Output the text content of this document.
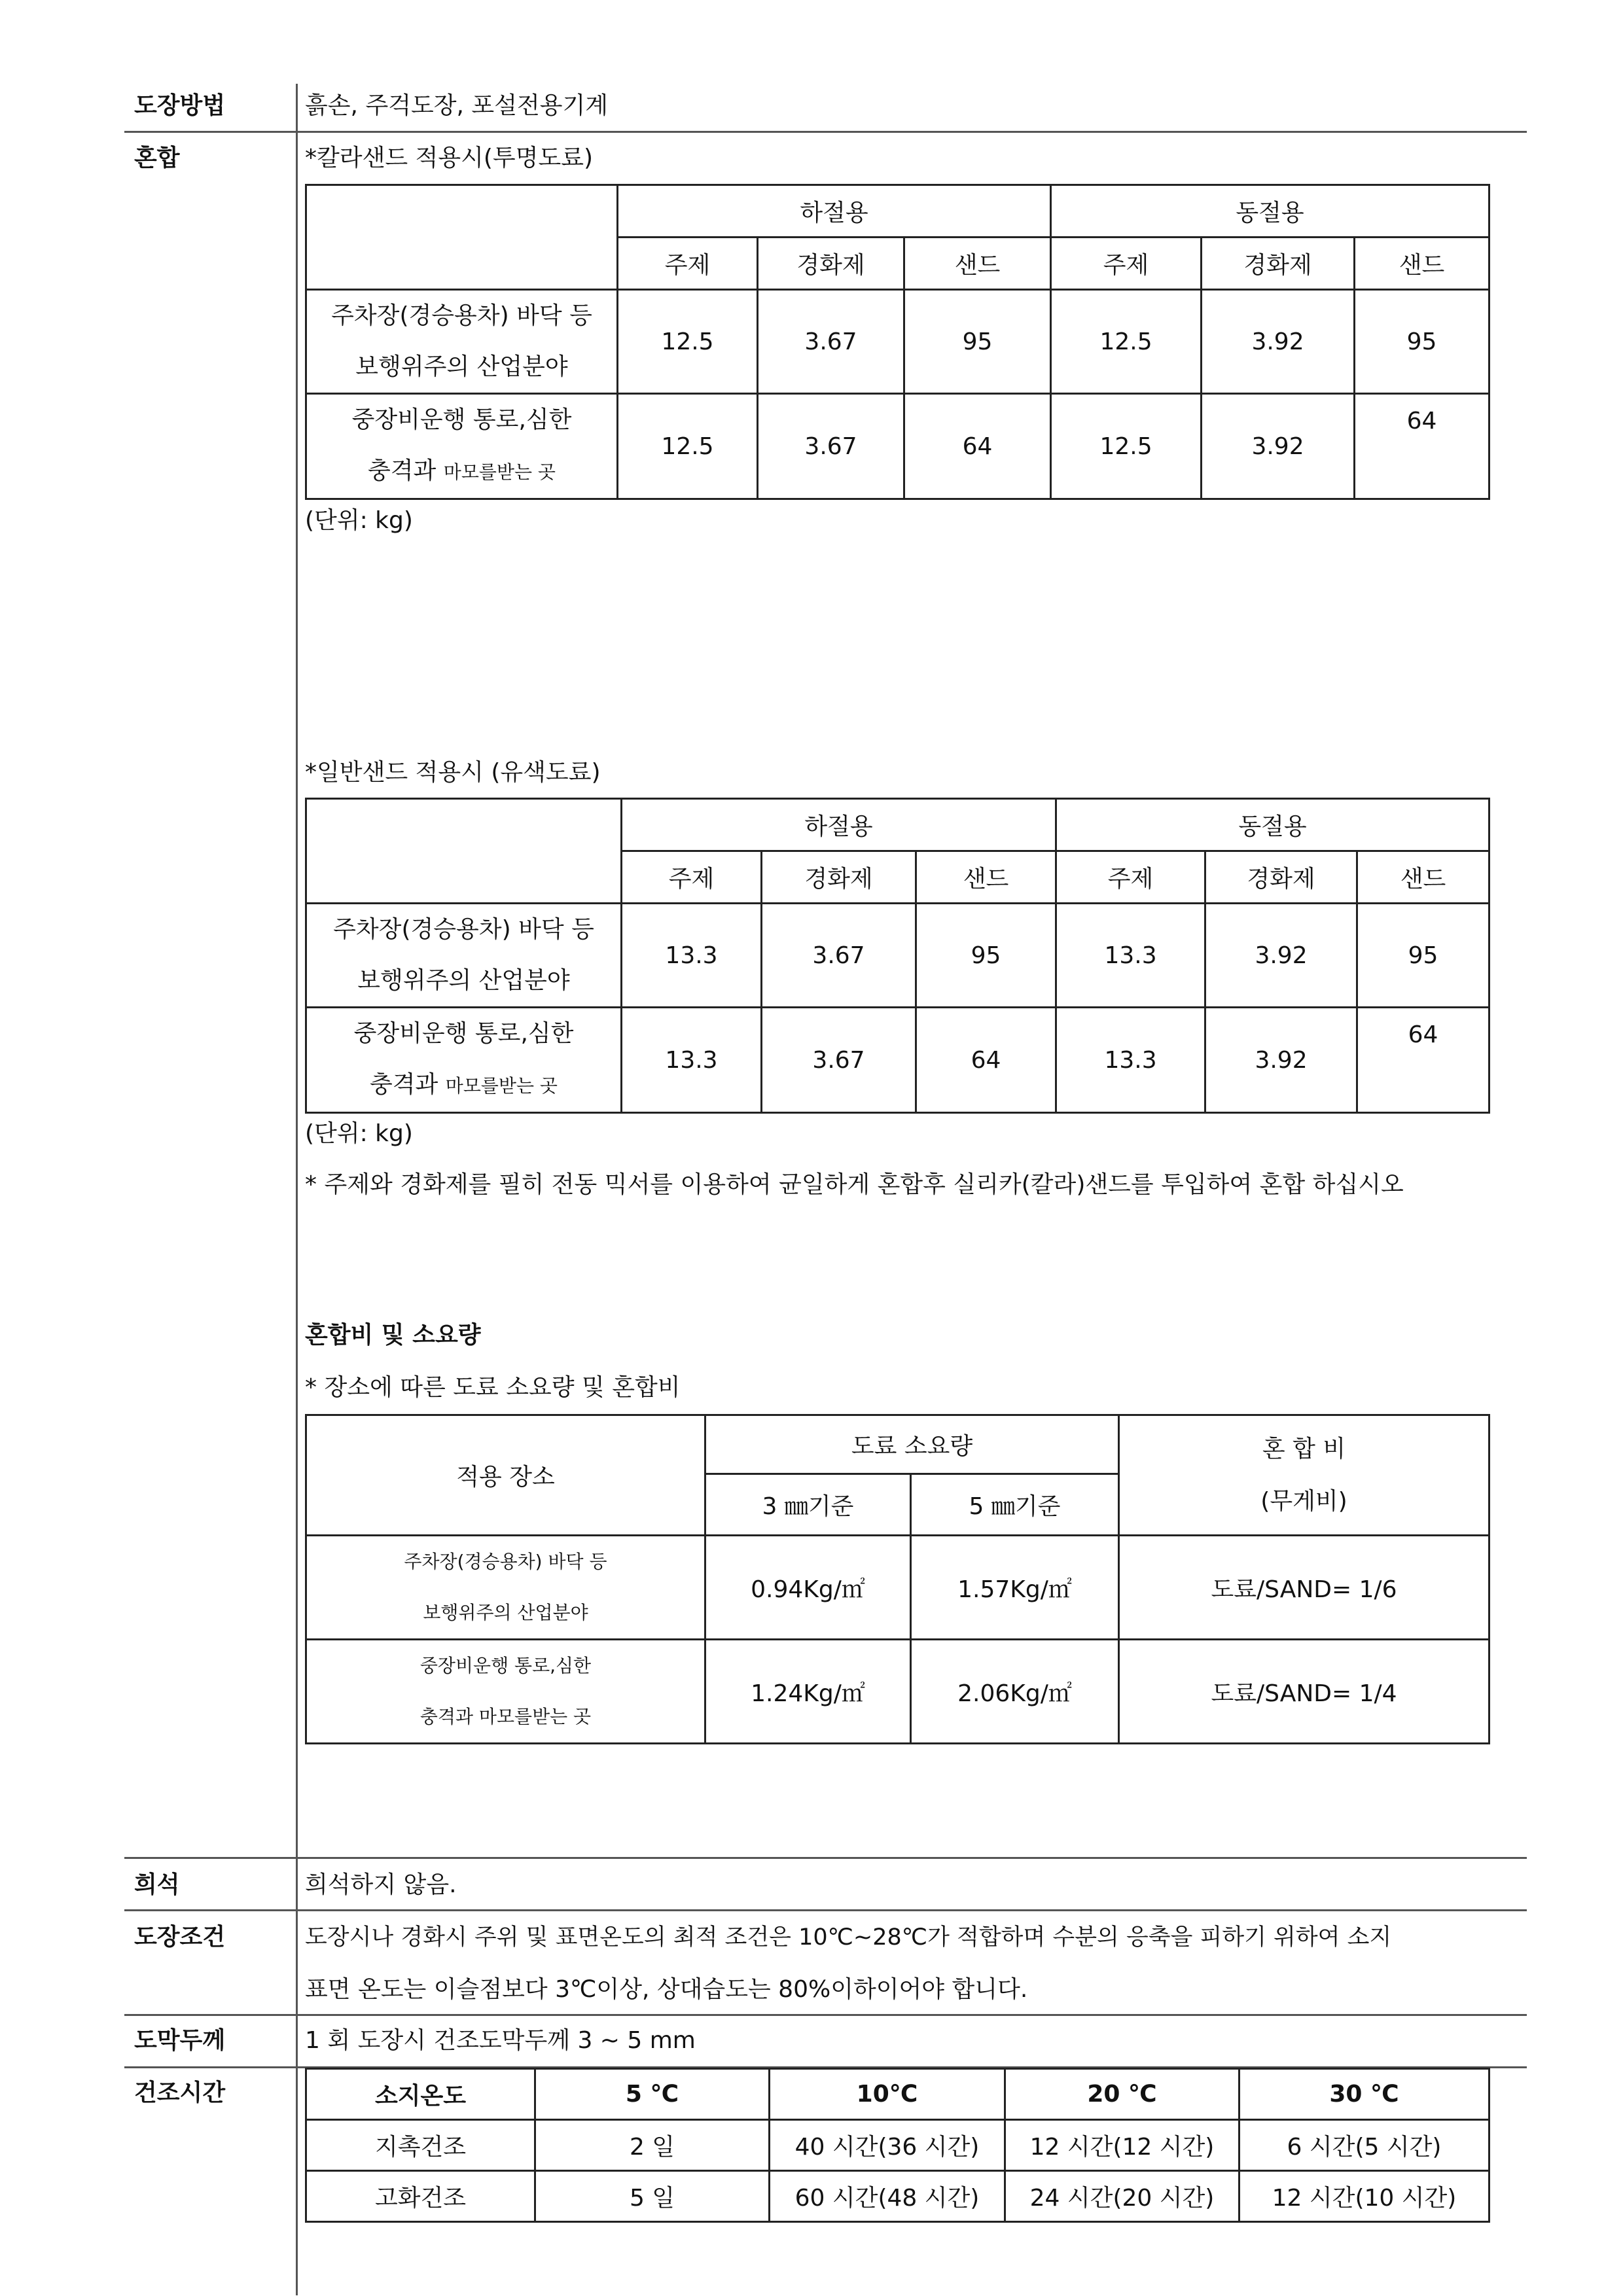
도장방법	흙손, 주걱도장, 포설전용기계
혼합	*칼라샌드 적용시(투명도료)
	하절용			동절용		
	주제	경화제	샌드	주제	경화제	샌드

주차장(경승용차) 바닥 등
보행위주의 산업분야	12.5	3.67	95	12.5	3.92	95

중장비운행 통로,심한
충격과 마모를받는 곳	12.5	3.67	64	12.5	3.92	64
(단위: kg)
*일반샌드 적용시 (유색도료)
	하절용			동절용		
	주제	경화제	샌드	주제	경화제	샌드

주차장(경승용차) 바닥 등
보행위주의 산업분야	13.3	3.67	95	13.3	3.92	95

중장비운행 통로,심한
충격과 마모를받는 곳	13.3	3.67	64	13.3	3.92	64
(단위: kg)
* 주제와 경화제를 필히 전동 믹서를 이용하여 균일하게 혼합후 실리카(칼라)샌드를 투입하여 혼합 하십시오
혼합비 및 소요량
* 장소에 따른 도료 소요량 및 혼합비
적용 장소	도료 소요량		혼 합 비
(무게비)

	3 ㎜기준	5 ㎜기준	

주차장(경승용차) 바닥 등
보행위주의 산업분야	0.94Kg/㎡	1.57Kg/㎡	도료/SAND= 1/6

중장비운행 통로,심한
충격과 마모를받는 곳	1.24Kg/㎡	2.06Kg/㎡	도료/SAND= 1/4
희석	희석하지 않음.
도장조건	도장시나 경화시 주위 및 표면온도의 최적 조건은 10℃~28℃가 적합하며 수분의 응축을 피하기 위하여 소지
표면 온도는 이슬점보다 3℃이상, 상대습도는 80%이하이어야 합니다.
도막두께	1 회 도장시 건조도막두께 3 ~ 5 mm
건조시간	소지온도	5 ℃	10℃	20 ℃	30 ℃
지촉건조	2 일	40 시간(36 시간)	12 시간(12 시간)	6 시간(5 시간)
고화건조	5 일	60 시간(48 시간)	24 시간(20 시간)	12 시간(10 시간)
